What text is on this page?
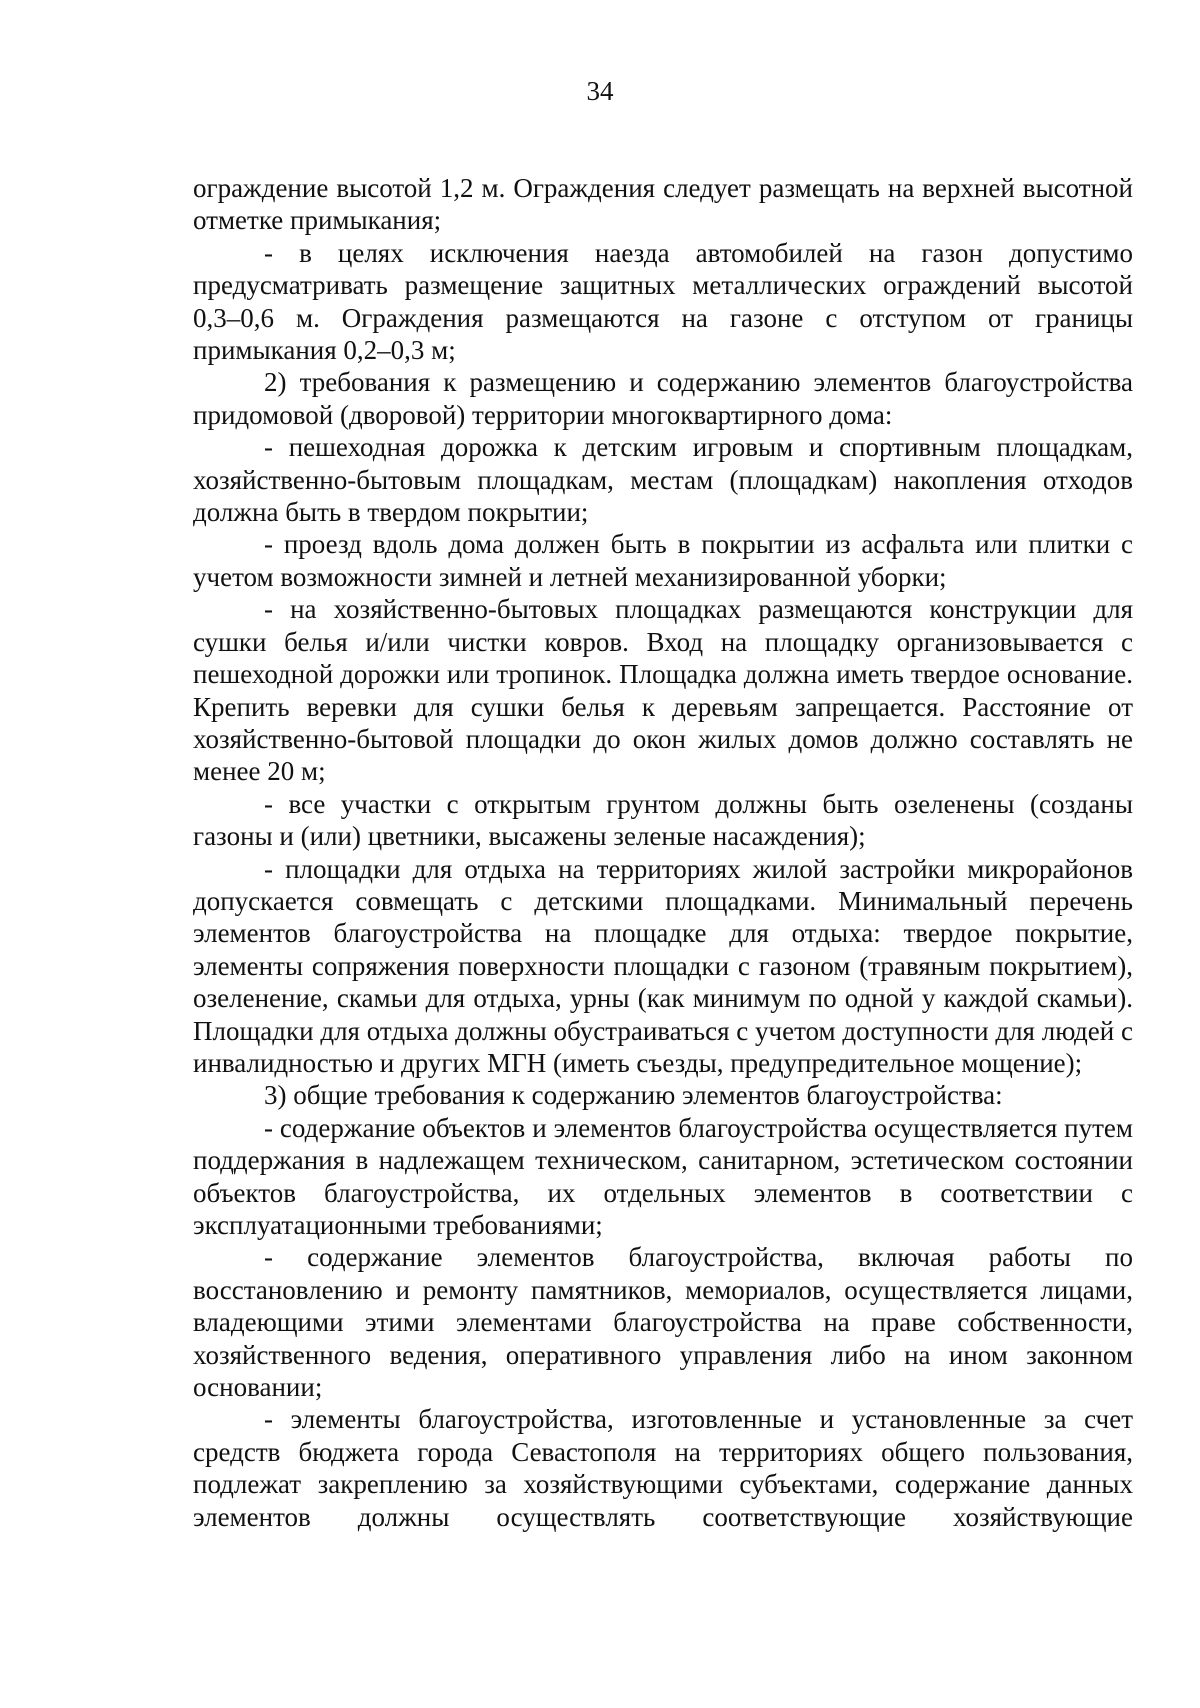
34

ограждение высотой 1,2 м. Ограждения следует размещать на верхней высотной отметке примыкания;

- в целях исключения наезда автомобилей на газон допустимо предусматривать размещение защитных металлических ограждений высотой 0,3–0,6 м. Ограждения размещаются на газоне с отступом от границы примыкания 0,2–0,3 м;

2) требования к размещению и содержанию элементов благоустройства придомовой (дворовой) территории многоквартирного дома:

- пешеходная дорожка к детским игровым и спортивным площадкам, хозяйственно-бытовым площадкам, местам (площадкам) накопления отходов должна быть в твердом покрытии;

- проезд вдоль дома должен быть в покрытии из асфальта или плитки с учетом возможности зимней и летней механизированной уборки;

- на хозяйственно-бытовых площадках размещаются конструкции для сушки белья и/или чистки ковров. Вход на площадку организовывается с пешеходной дорожки или тропинок. Площадка должна иметь твердое основание. Крепить веревки для сушки белья к деревьям запрещается. Расстояние от хозяйственно-бытовой площадки до окон жилых домов должно составлять не менее 20 м;

- все участки с открытым грунтом должны быть озеленены (созданы газоны и (или) цветники, высажены зеленые насаждения);

- площадки для отдыха на территориях жилой застройки микрорайонов допускается совмещать с детскими площадками. Минимальный перечень элементов благоустройства на площадке для отдыха: твердое покрытие, элементы сопряжения поверхности площадки с газоном (травяным покрытием), озеленение, скамьи для отдыха, урны (как минимум по одной у каждой скамьи). Площадки для отдыха должны обустраиваться с учетом доступности для людей с инвалидностью и других МГН (иметь съезды, предупредительное мощение);

3) общие требования к содержанию элементов благоустройства:

- содержание объектов и элементов благоустройства осуществляется путем поддержания в надлежащем техническом, санитарном, эстетическом состоянии объектов благоустройства, их отдельных элементов в соответствии с эксплуатационными требованиями;

- содержание элементов благоустройства, включая работы по восстановлению и ремонту памятников, мемориалов, осуществляется лицами, владеющими этими элементами благоустройства на праве собственности, хозяйственного ведения, оперативного управления либо на ином законном основании;

- элементы благоустройства, изготовленные и установленные за счет средств бюджета города Севастополя на территориях общего пользования, подлежат закреплению за хозяйствующими субъектами, содержание данных элементов должны осуществлять соответствующие хозяйствующие
